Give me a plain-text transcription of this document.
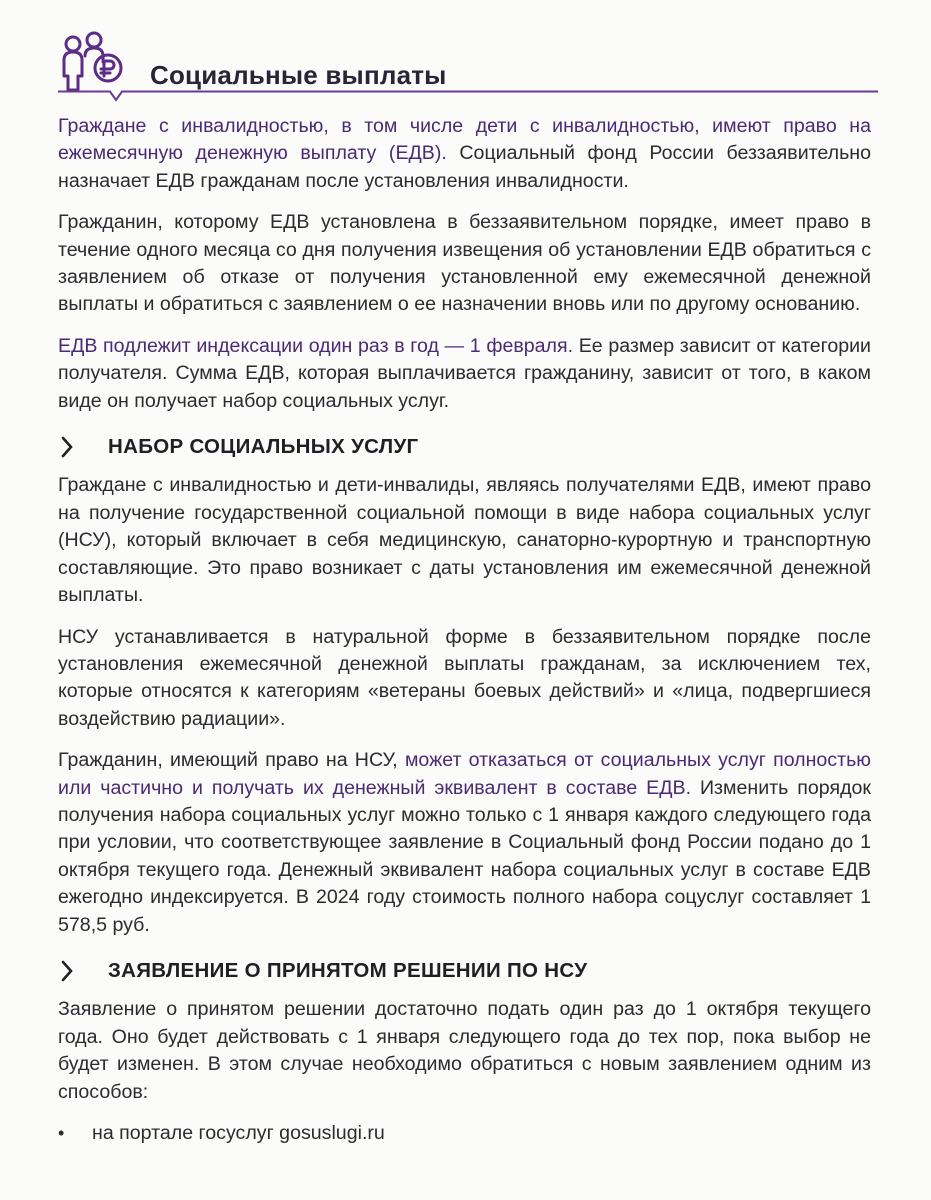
Социальные выплаты

Граждане с инвалидностью, в том числе дети с инвалидностью, имеют право на ежемесячную денежную выплату (ЕДВ). Социальный фонд России беззаявительно назначает ЕДВ гражданам после установления инвалидности.

Гражданин, которому ЕДВ установлена в беззаявительном порядке, имеет право в течение одного месяца со дня получения извещения об установлении ЕДВ обратиться с заявлением об отказе от получения установленной ему ежемесячной денежной выплаты и обратиться с заявлением о ее назначении вновь или по другому основанию.

ЕДВ подлежит индексации один раз в год — 1 февраля. Ее размер зависит от категории получателя. Сумма ЕДВ, которая выплачивается гражданину, зависит от того, в каком виде он получает набор социальных услуг.

НАБОР СОЦИАЛЬНЫХ УСЛУГ

Граждане с инвалидностью и дети-инвалиды, являясь получателями ЕДВ, имеют право на получение государственной социальной помощи в виде набора социальных услуг (НСУ), который включает в себя медицинскую, санаторно-курортную и транспортную составляющие. Это право возникает с даты установления им ежемесячной денежной выплаты.

НСУ устанавливается в натуральной форме в беззаявительном порядке после установления ежемесячной денежной выплаты гражданам, за исключением тех, которые относятся к категориям «ветераны боевых действий» и «лица, подвергшиеся воздействию радиации».

Гражданин, имеющий право на НСУ, может отказаться от социальных услуг полностью или частично и получать их денежный эквивалент в составе ЕДВ. Изменить порядок получения набора социальных услуг можно только с 1 января каждого следующего года при условии, что соответствующее заявление в Социальный фонд России подано до 1 октября текущего года. Денежный эквивалент набора социальных услуг в составе ЕДВ ежегодно индексируется. В 2024 году стоимость полного набора соцуслуг составляет 1 578,5 руб.

ЗАЯВЛЕНИЕ О ПРИНЯТОМ РЕШЕНИИ ПО НСУ

Заявление о принятом решении достаточно подать один раз до 1 октября текущего года. Оно будет действовать с 1 января следующего года до тех пор, пока выбор не будет изменен. В этом случае необходимо обратиться с новым заявлением одним из способов:

•	на портале госуслуг gosuslugi.ru
